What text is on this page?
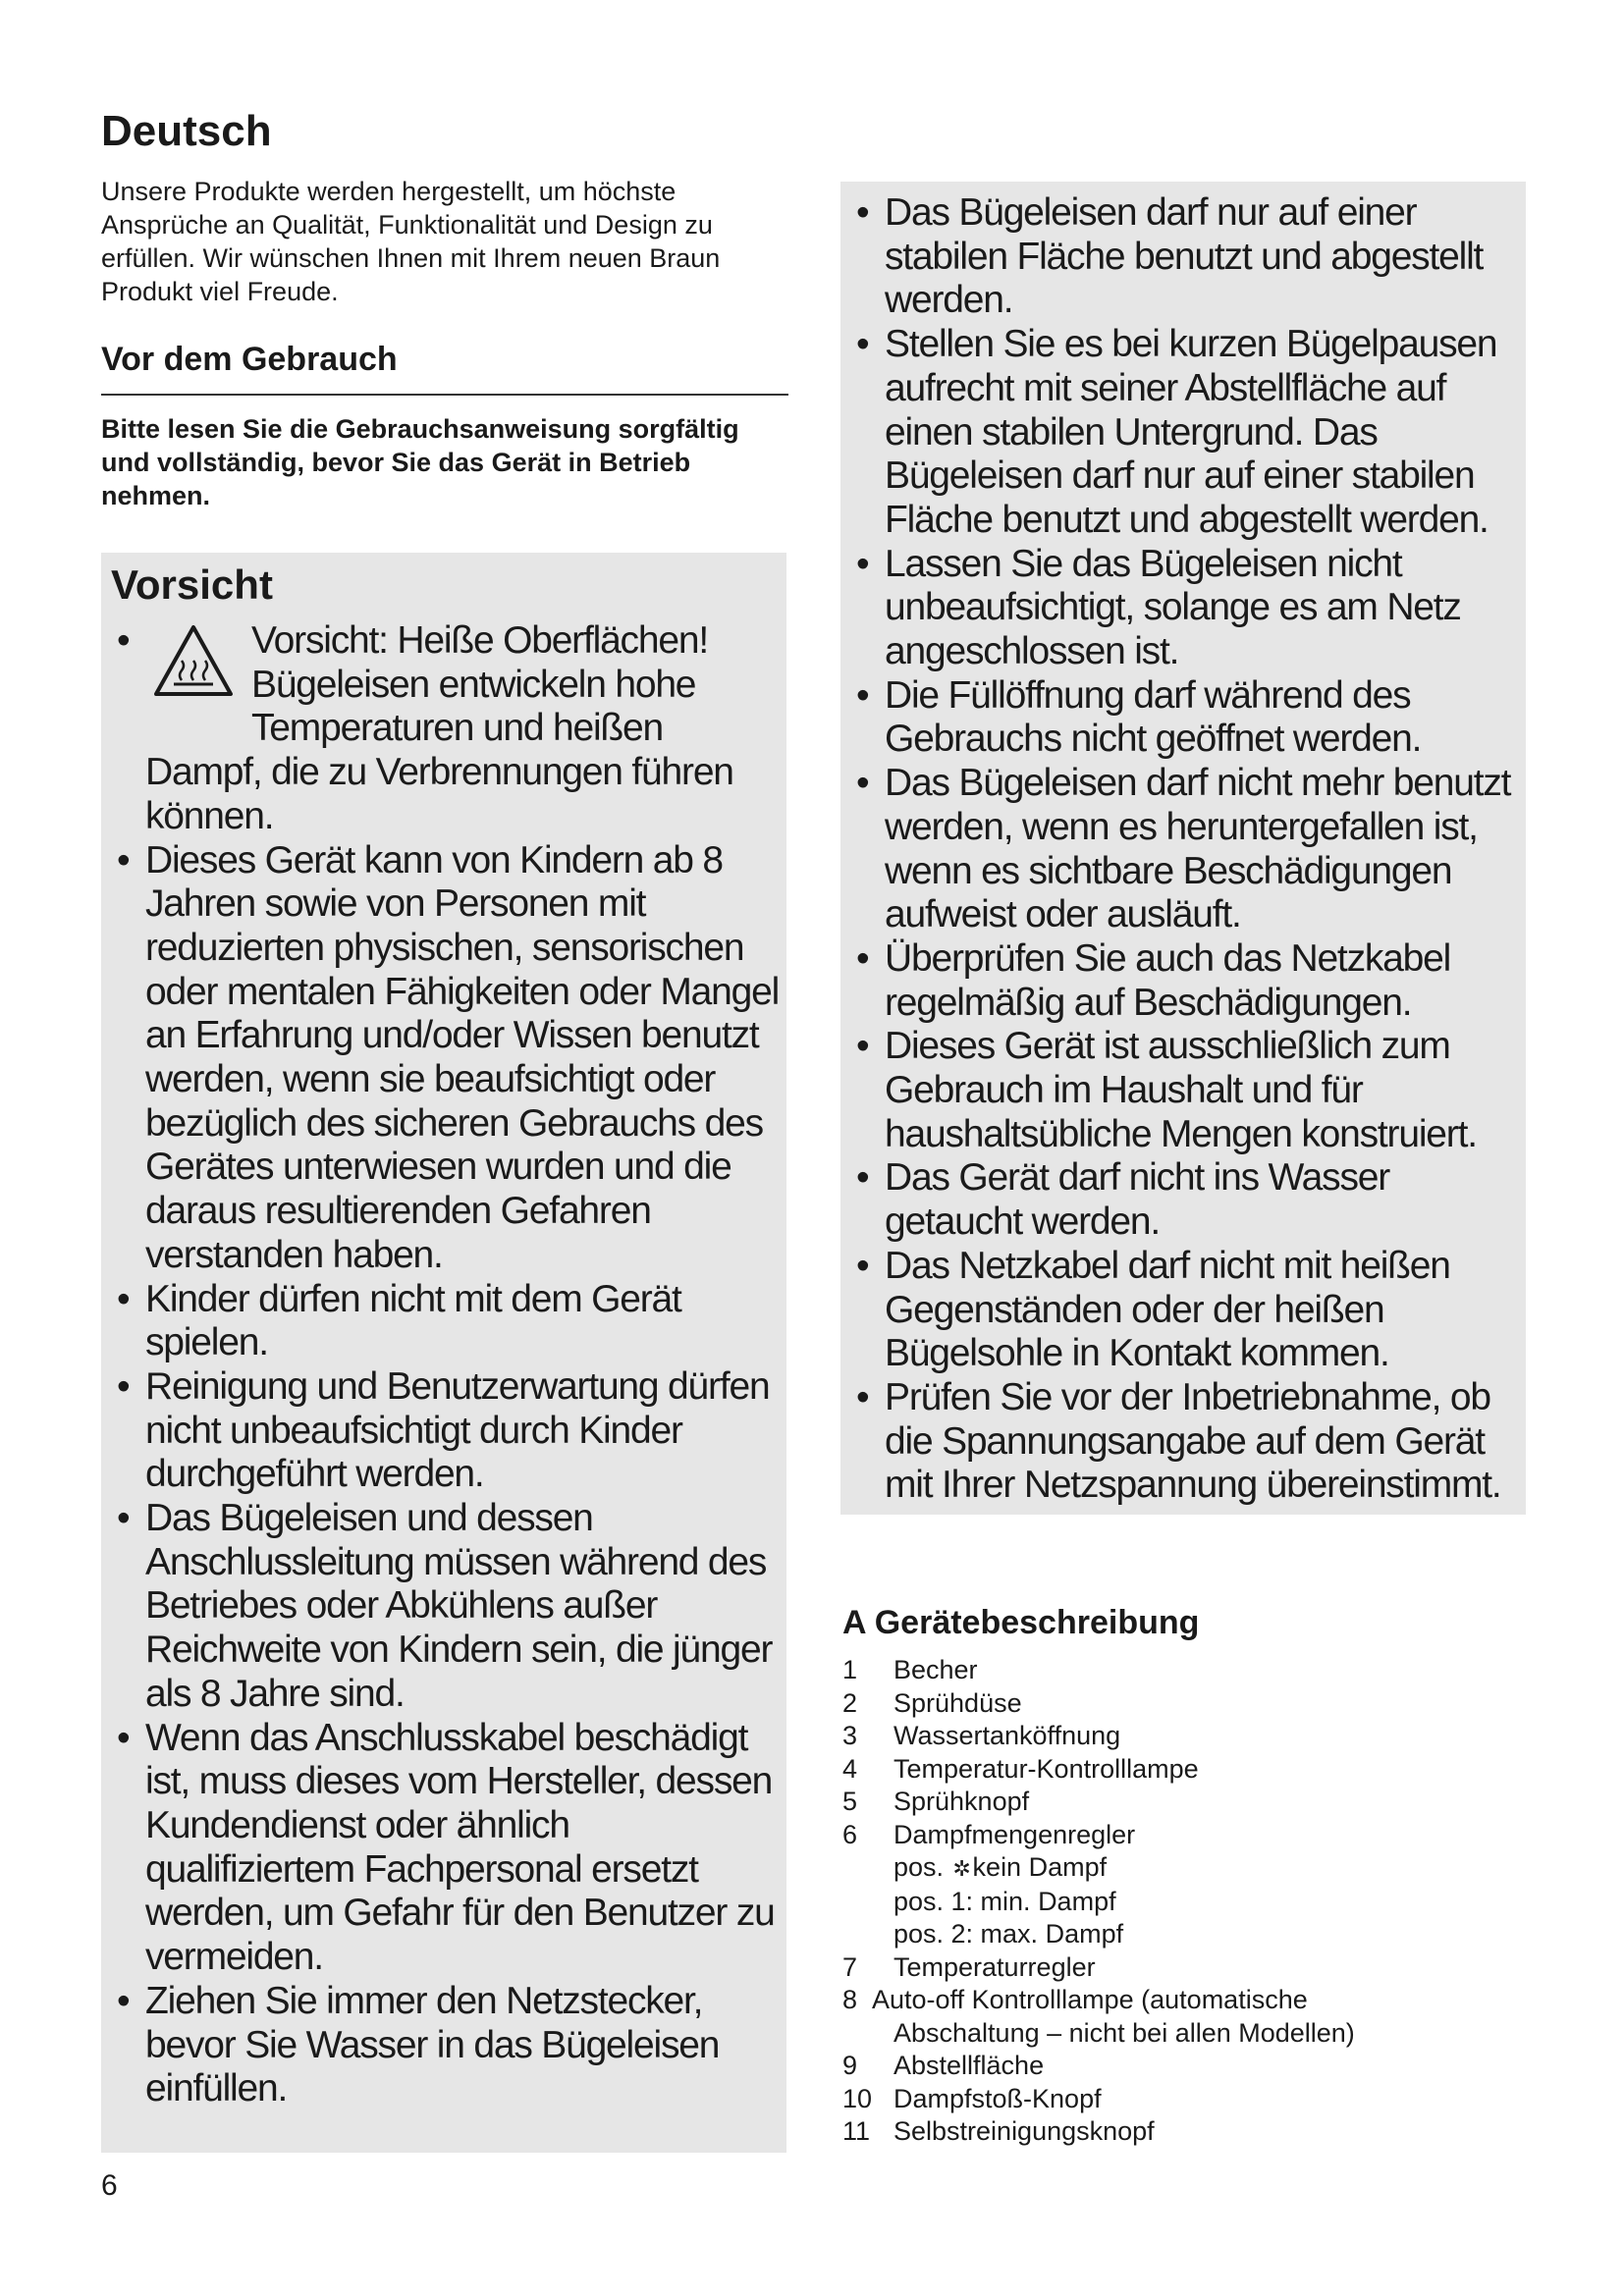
Deutsch

Unsere Produkte werden hergestellt, um höchste Ansprüche an Qualität, Funktionalität und Design zu erfüllen. Wir wünschen Ihnen mit Ihrem neuen Braun Produkt viel Freude.

Vor dem Gebrauch

Bitte lesen Sie die Gebrauchsanweisung sorgfältig und vollständig, bevor Sie das Gerät in Betrieb nehmen.

Vorsicht
•	Vorsicht: Heiße Oberflächen!
Bügeleisen entwickeln hohe
Temperaturen und heißen
Dampf, die zu Verbrennungen führen können.
• Dieses Gerät kann von Kindern ab 8 Jahren sowie von Personen mit reduzierten physischen, sensorischen oder mentalen Fähigkeiten oder Mangel an Erfahrung und/oder Wissen benutzt werden, wenn sie beaufsichtigt oder bezüglich des sicheren Gebrauchs des Gerätes unterwiesen wurden und die daraus resultierenden Gefahren verstanden haben.
• Kinder dürfen nicht mit dem Gerät spielen.
• Reinigung und Benutzerwartung dürfen nicht unbeaufsichtigt durch Kinder durchgeführt werden.
• Das Bügeleisen und dessen Anschlussleitung müssen während des Betriebes oder Abkühlens außer Reichweite von Kindern sein, die jünger als 8 Jahre sind.
• Wenn das Anschlusskabel beschädigt ist, muss dieses vom Hersteller, dessen Kundendienst oder ähnlich qualifiziertem Fachpersonal ersetzt werden, um Gefahr für den Benutzer zu vermeiden.
• Ziehen Sie immer den Netzstecker, bevor Sie Wasser in das Bügeleisen einfüllen.
• Das Bügeleisen darf nur auf einer stabilen Fläche benutzt und abgestellt werden.
• Stellen Sie es bei kurzen Bügelpausen aufrecht mit seiner Abstellfläche auf einen stabilen Untergrund. Das Bügeleisen darf nur auf einer stabilen Fläche benutzt und abgestellt werden.
• Lassen Sie das Bügeleisen nicht unbeaufsichtigt, solange es am Netz angeschlossen ist.
• Die Füllöffnung darf während des Gebrauchs nicht geöffnet werden.
• Das Bügeleisen darf nicht mehr benutzt werden, wenn es heruntergefallen ist, wenn es sichtbare Beschädigungen aufweist oder ausläuft.
• Überprüfen Sie auch das Netzkabel regelmäßig auf Beschädigungen.
• Dieses Gerät ist ausschließlich zum Gebrauch im Haushalt und für haushaltsübliche Mengen konstruiert.
• Das Gerät darf nicht ins Wasser getaucht werden.
• Das Netzkabel darf nicht mit heißen Gegenständen oder der heißen Bügelsohle in Kontakt kommen.
• Prüfen Sie vor der Inbetriebnahme, ob die Spannungsangabe auf dem Gerät mit Ihrer Netzspannung übereinstimmt.
A Gerätebeschreibung
1 Becher
2 Sprühdüse
3 Wassertanköffnung
4 Temperatur-Kontrolllampe
5 Sprühknopf
6 Dampfmengenregler
pos. ✲kein Dampf
pos. 1: min. Dampf
pos. 2: max. Dampf
7 Temperaturregler
8 Auto-off Kontrolllampe (automatische
Abschaltung – nicht bei allen Modellen)
9 Abstellfläche
10 Dampfstoß-Knopf
11 Selbstreinigungsknopf

6
